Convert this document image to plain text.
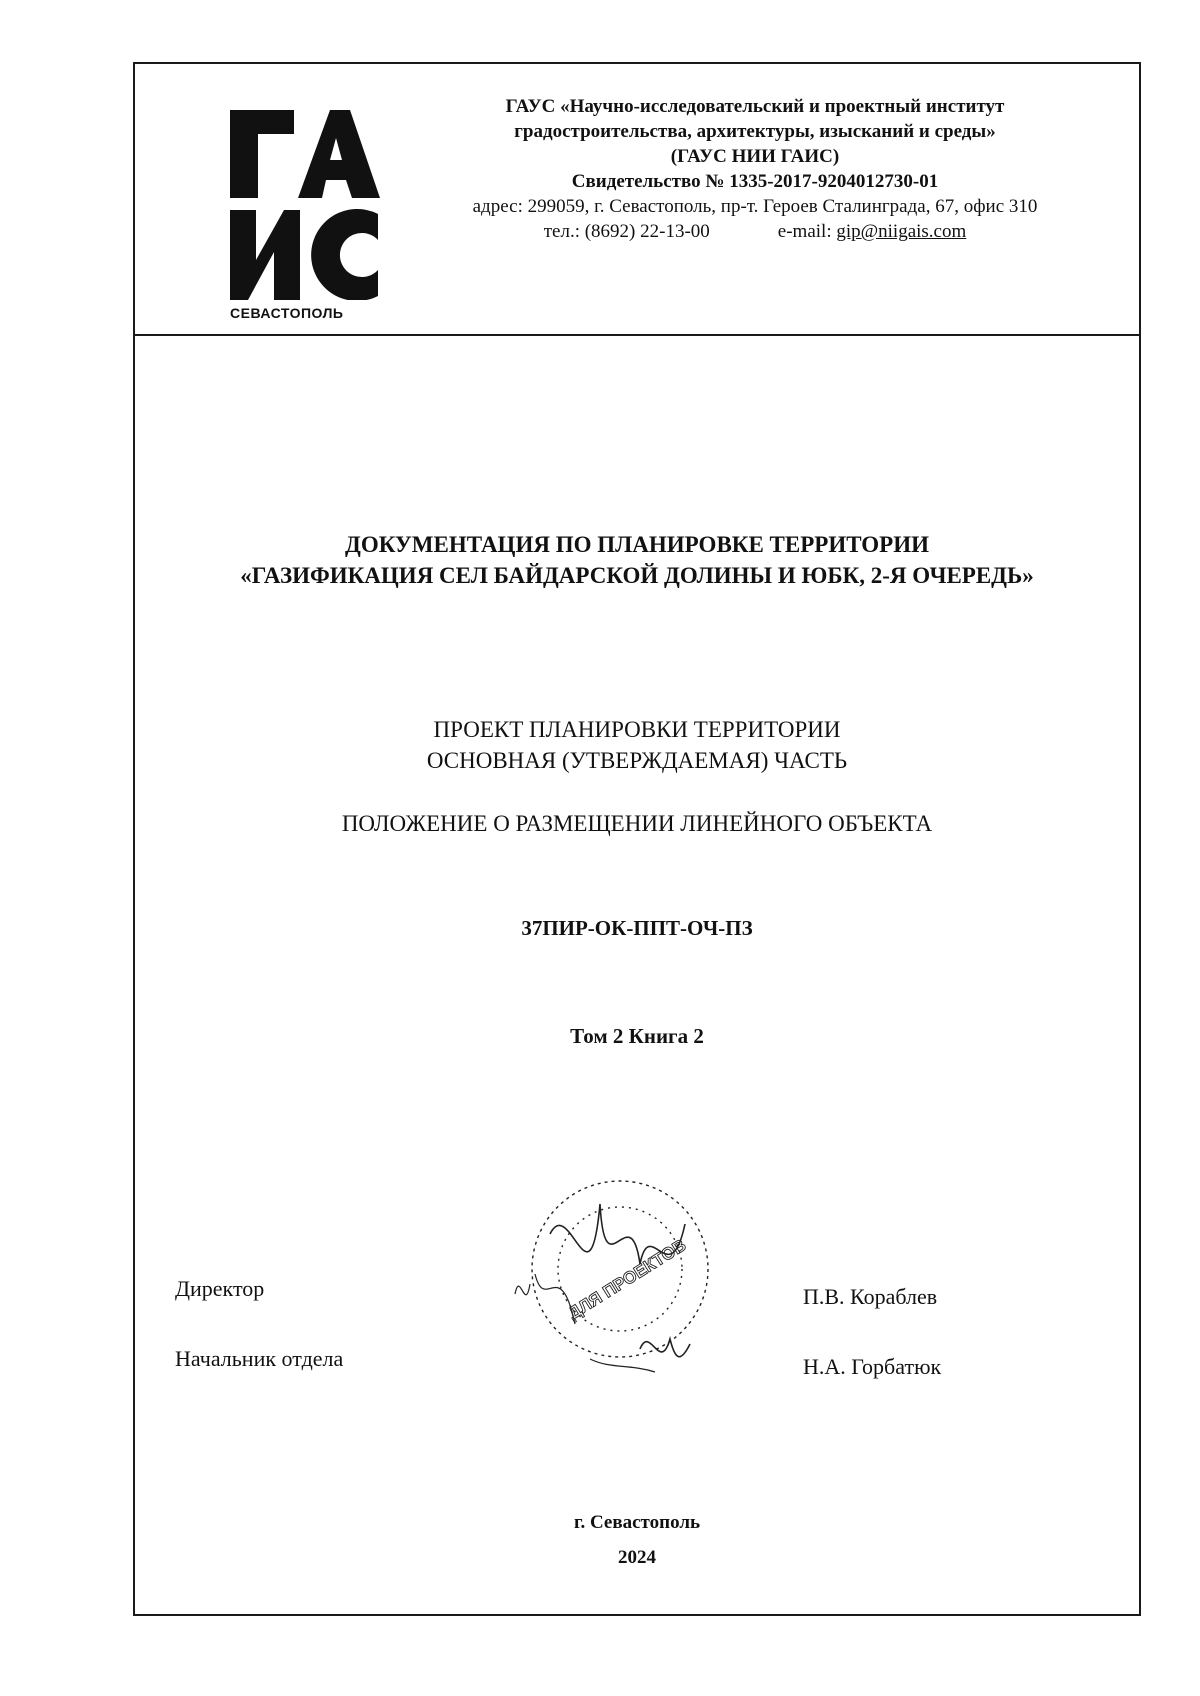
СЕВАСТОПОЛЬ
ГАУС «Научно-исследовательский и проектный институт
градостроительства, архитектуры, изысканий и среды»
(ГАУС НИИ ГАИС)
Свидетельство № 1335-2017-9204012730-01
адрес: 299059, г. Севастополь, пр-т. Героев Сталинграда, 67, офис 310
тел.: (8692) 22-13-00	e-mail: gip@niigais.com
ДОКУМЕНТАЦИЯ ПО ПЛАНИРОВКЕ ТЕРРИТОРИИ
«ГАЗИФИКАЦИЯ СЕЛ БАЙДАРСКОЙ ДОЛИНЫ И ЮБК, 2-Я ОЧЕРЕДЬ»
ПРОЕКТ ПЛАНИРОВКИ ТЕРРИТОРИИ
ОСНОВНАЯ (УТВЕРЖДАЕМАЯ) ЧАСТЬ
ПОЛОЖЕНИЕ О РАЗМЕЩЕНИИ ЛИНЕЙНОГО ОБЪЕКТА
37ПИР-ОК-ППТ-ОЧ-ПЗ
Том 2 Книга 2
Директор	П.В. Кораблев
Начальник отдела	Н.А. Горбатюк
ДЛЯ ПРОЕКТОВ
г. Севастополь
2024
